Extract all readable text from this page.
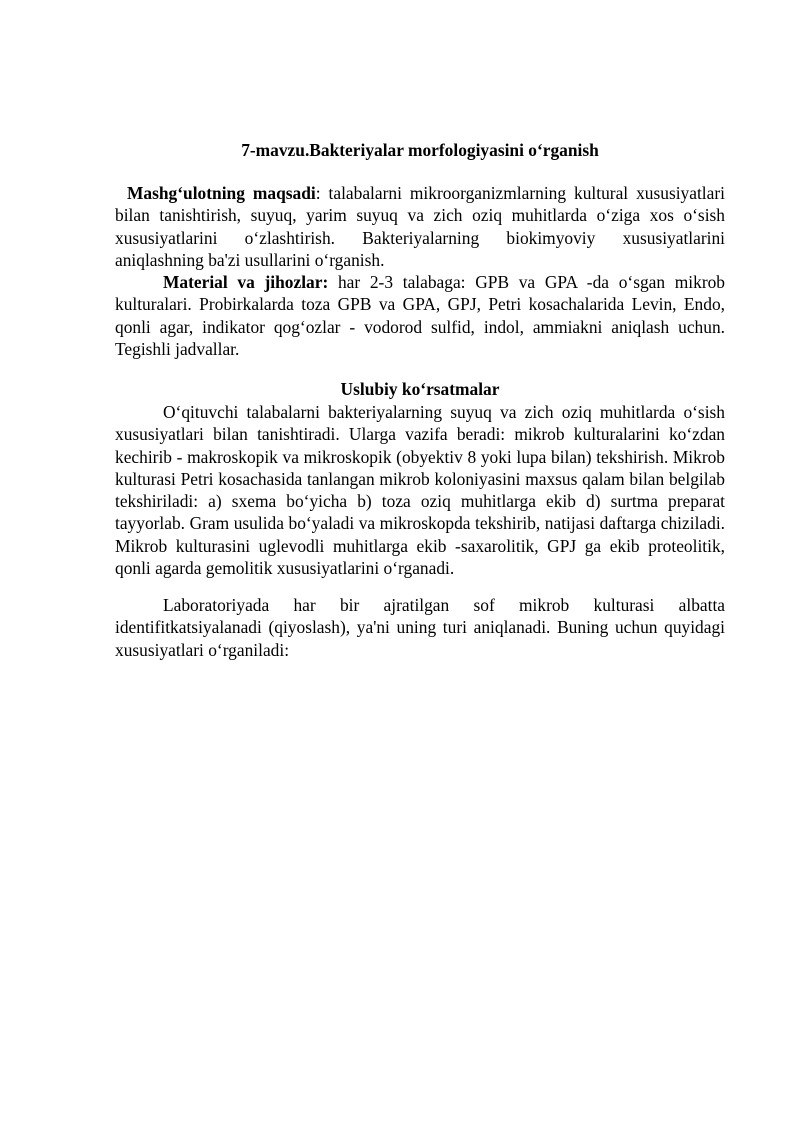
7-mavzu.Bakteriyalar morfologiyasini o‘rganish
Mashg‘ulotning maqsadi: talabalarni mikroorganizmlarning kultural xususiyatlari bilan tanishtirish, suyuq, yarim suyuq va zich oziq muhitlarda o‘ziga xos o‘sish xususiyatlarini o‘zlashtirish. Bakteriyalarning biokimyoviy xususiyatlarini aniqlashning ba'zi usullarini o‘rganish.
Material va jihozlar: har 2-3 talabaga: GPB va GPA -da o‘sgan mikrob kulturalari. Probirkalarda toza GPB va GPA, GPJ, Petri kosachalarida Levin, Endo, qonli agar, indikator qog‘ozlar - vodorod sulfid, indol, ammiakni aniqlash uchun. Tegishli jadvallar.
Uslubiy ko‘rsatmalar
O‘qituvchi talabalarni bakteriyalarning suyuq va zich oziq muhitlarda o‘sish xususiyatlari bilan tanishtiradi. Ularga vazifa beradi: mikrob kulturalarini ko‘zdan kechirib - makroskopik va mikroskopik (obyektiv 8 yoki lupa bilan) tekshirish. Mikrob kulturasi Petri kosachasida tanlangan mikrob koloniyasini maxsus qalam bilan belgilab tekshiriladi: a) sxema bo‘yicha b) toza oziq muhitlarga ekib d) surtma preparat tayyorlab. Gram usulida bo‘yaladi va mikroskopda tekshirib, natijasi daftarga chiziladi. Mikrob kulturasini uglevodli muhitlarga ekib -saxarolitik, GPJ ga ekib proteolitik, qonli agarda gemolitik xususiyatlarini o‘rganadi.
Laboratoriyada har bir ajratilgan sof mikrob kulturasi albatta identifitkatsiyalanadi (qiyoslash), ya'ni uning turi aniqlanadi. Buning uchun quyidagi xususiyatlari o‘rganiladi:
